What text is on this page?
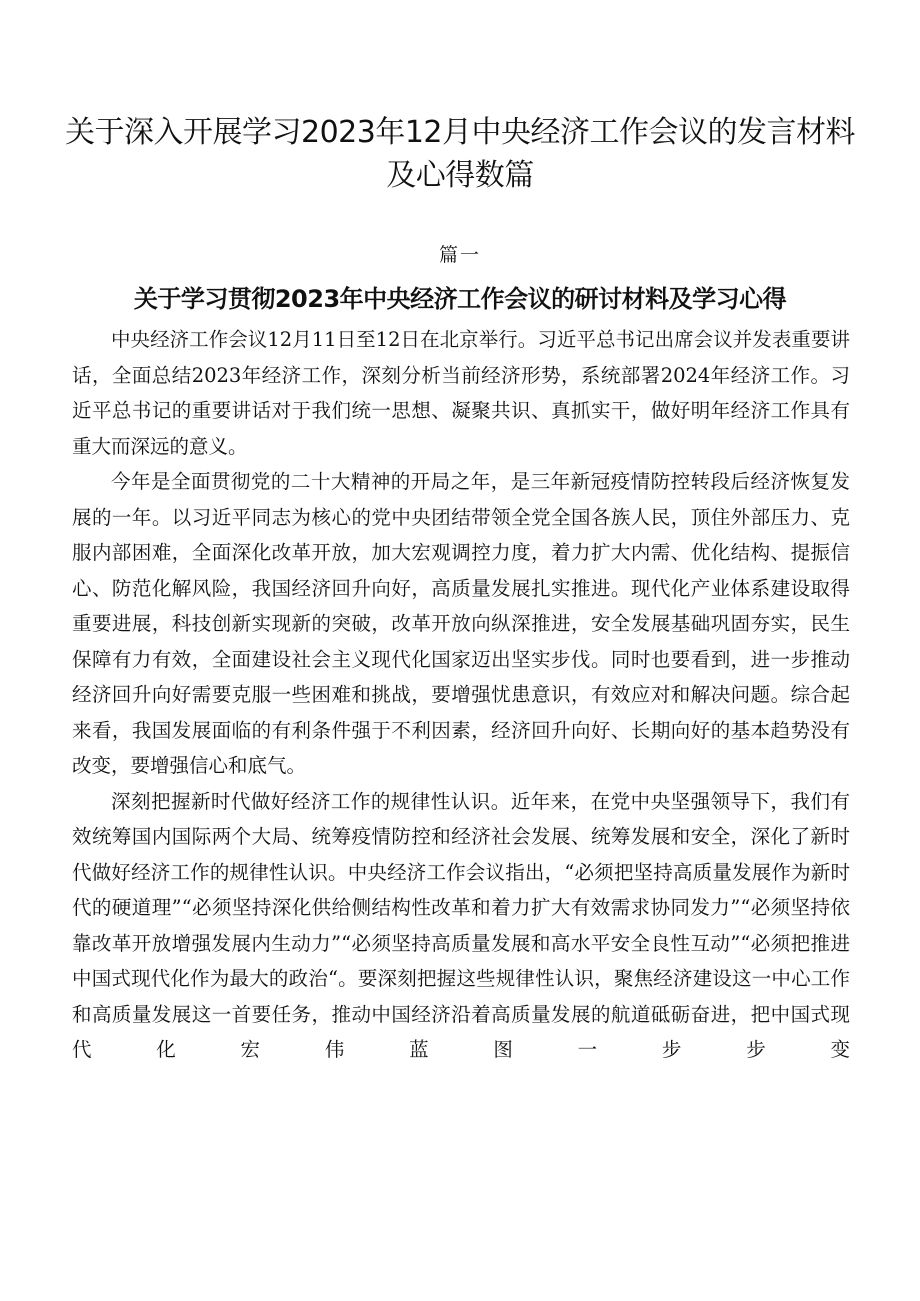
关于深入开展学习2023年12月中央经济工作会议的发言材料及心得数篇
篇一
关于学习贯彻2023年中央经济工作会议的研讨材料及学习心得

中央经济工作会议12月11日至12日在北京举行。习近平总书记出席会议并发表重要讲话，全面总结2023年经济工作，深刻分析当前经济形势，系统部署2024年经济工作。习近平总书记的重要讲话对于我们统一思想、凝聚共识、真抓实干，做好明年经济工作具有重大而深远的意义。

今年是全面贯彻党的二十大精神的开局之年，是三年新冠疫情防控转段后经济恢复发展的一年。以习近平同志为核心的党中央团结带领全党全国各族人民，顶住外部压力、克服内部困难，全面深化改革开放，加大宏观调控力度，着力扩大内需、优化结构、提振信心、防范化解风险，我国经济回升向好，高质量发展扎实推进。现代化产业体系建设取得重要进展，科技创新实现新的突破，改革开放向纵深推进，安全发展基础巩固夯实，民生保障有力有效，全面建设社会主义现代化国家迈出坚实步伐。同时也要看到，进一步推动经济回升向好需要克服一些困难和挑战，要增强忧患意识，有效应对和解决问题。综合起来看，我国发展面临的有利条件强于不利因素，经济回升向好、长期向好的基本趋势没有改变，要增强信心和底气。

深刻把握新时代做好经济工作的规律性认识。近年来，在党中央坚强领导下，我们有效统筹国内国际两个大局、统筹疫情防控和经济社会发展、统筹发展和安全，深化了新时代做好经济工作的规律性认识。中央经济工作会议指出，“必须把坚持高质量发展作为新时代的硬道理”“必须坚持深化供给侧结构性改革和着力扩大有效需求协同发力”“必须坚持依靠改革开放增强发展内生动力”“必须坚持高质量发展和高水平安全良性互动”“必须把推进中国式现代化作为最大的政治“。要深刻把握这些规律性认识，聚焦经济建设这一中心工作和高质量发展这一首要任务，推动中国经济沿着高质量发展的航道砥砺奋进，把中国式现代化宏伟蓝图一步步变
